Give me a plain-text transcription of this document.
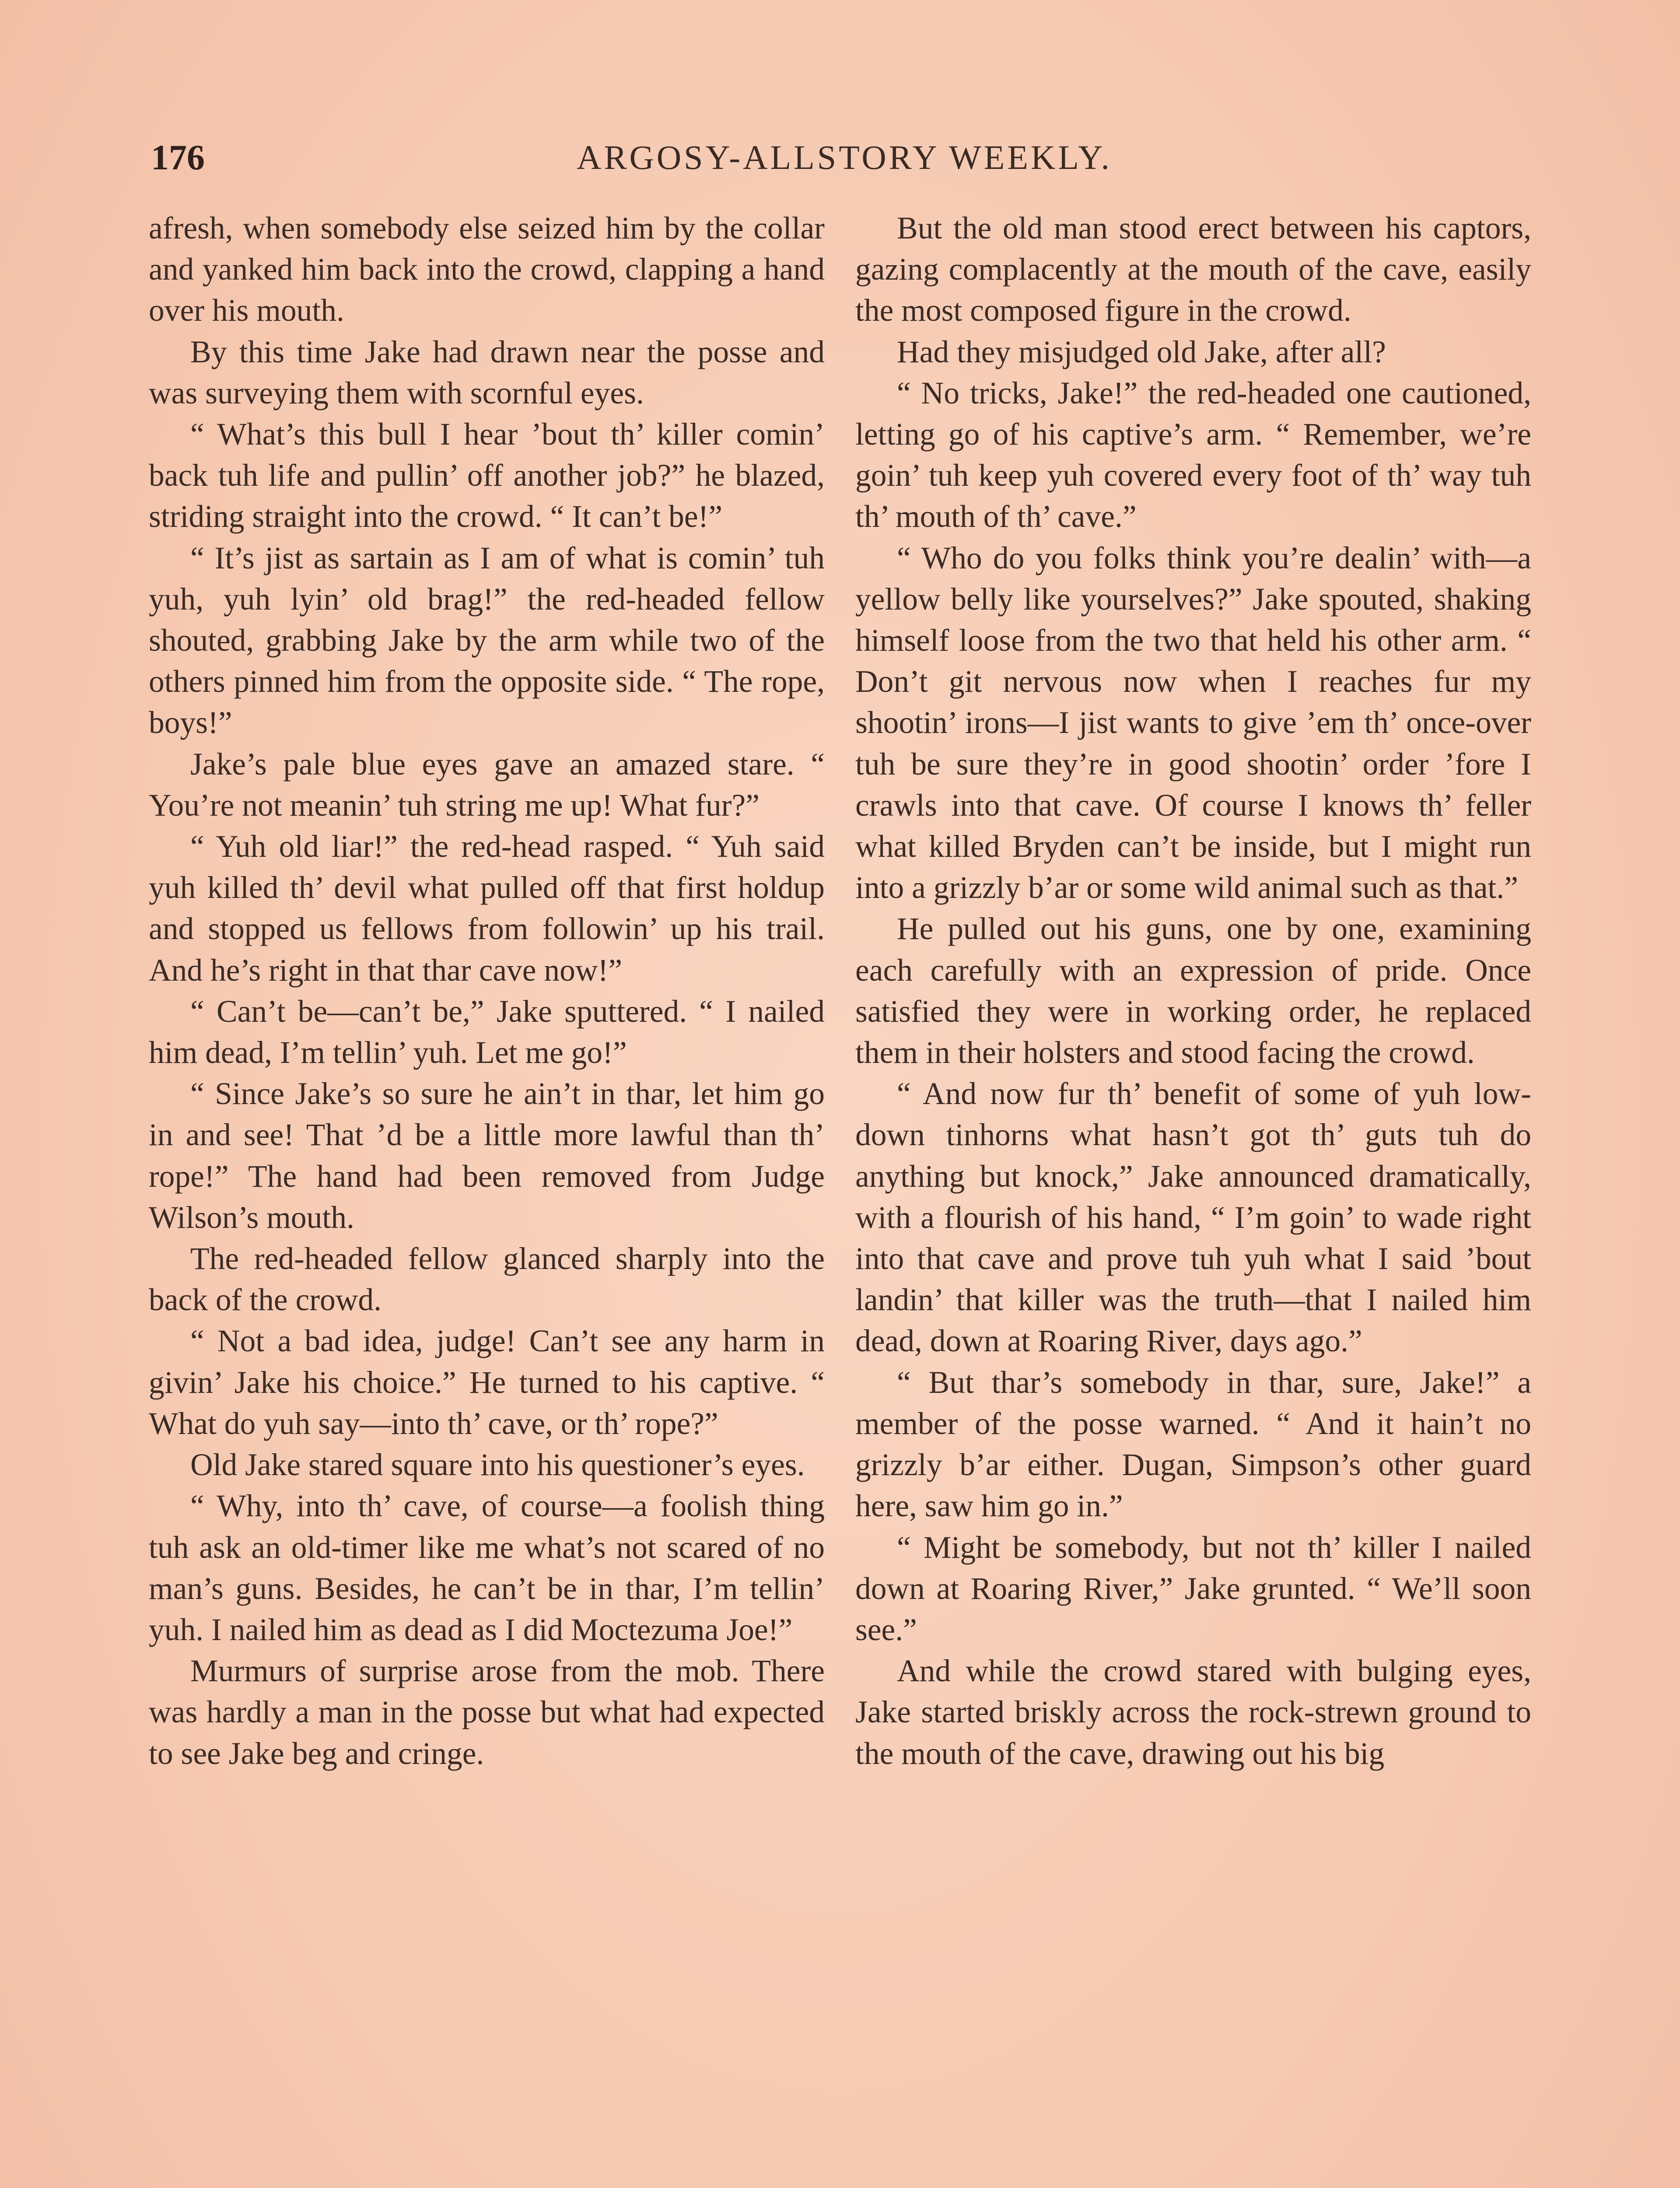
176	ARGOSY-ALLSTORY WEEKLY.

afresh, when somebody else seized him by the collar and yanked him back into the crowd, clapping a hand over his mouth.

By this time Jake had drawn near the posse and was surveying them with scornful eyes.

“ What’s this bull I hear ’bout th’ killer comin’ back tuh life and pullin’ off another job?” he blazed, striding straight into the crowd. “ It can’t be!”

“ It’s jist as sartain as I am of what is comin’ tuh yuh, yuh lyin’ old brag!” the red-headed fellow shouted, grabbing Jake by the arm while two of the others pinned him from the opposite side. “ The rope, boys!”

Jake’s pale blue eyes gave an amazed stare. “ You’re not meanin’ tuh string me up! What fur?”

“ Yuh old liar!” the red-head rasped. “ Yuh said yuh killed th’ devil what pulled off that first holdup and stopped us fellows from followin’ up his trail. And he’s right in that thar cave now!”

“ Can’t be—can’t be,” Jake sputtered. “ I nailed him dead, I’m tellin’ yuh. Let me go!”

“ Since Jake’s so sure he ain’t in thar, let him go in and see! That ’d be a little more lawful than th’ rope!” The hand had been removed from Judge Wilson’s mouth.

The red-headed fellow glanced sharply into the back of the crowd.

“ Not a bad idea, judge! Can’t see any harm in givin’ Jake his choice.” He turned to his captive. “ What do yuh say—into th’ cave, or th’ rope?”

Old Jake stared square into his questioner’s eyes.

“ Why, into th’ cave, of course—a foolish thing tuh ask an old-timer like me what’s not scared of no man’s guns. Besides, he can’t be in thar, I’m tellin’ yuh. I nailed him as dead as I did Moctezuma Joe!”

Murmurs of surprise arose from the mob. There was hardly a man in the posse but what had expected to see Jake beg and cringe.

But the old man stood erect between his captors, gazing complacently at the mouth of the cave, easily the most composed figure in the crowd.

Had they misjudged old Jake, after all?

“ No tricks, Jake!” the red-headed one cautioned, letting go of his captive’s arm. “ Remember, we’re goin’ tuh keep yuh covered every foot of th’ way tuh th’ mouth of th’ cave.”

“ Who do you folks think you’re dealin’ with—a yellow belly like yourselves?” Jake spouted, shaking himself loose from the two that held his other arm. “ Don’t git nervous now when I reaches fur my shootin’ irons—I jist wants to give ’em th’ once-over tuh be sure they’re in good shootin’ order ’fore I crawls into that cave. Of course I knows th’ feller what killed Bryden can’t be inside, but I might run into a grizzly b’ar or some wild animal such as that.”

He pulled out his guns, one by one, examining each carefully with an expression of pride. Once satisfied they were in working order, he replaced them in their holsters and stood facing the crowd.

“ And now fur th’ benefit of some of yuh low-down tinhorns what hasn’t got th’ guts tuh do anything but knock,” Jake announced dramatically, with a flourish of his hand, “ I’m goin’ to wade right into that cave and prove tuh yuh what I said ’bout landin’ that killer was the truth—that I nailed him dead, down at Roaring River, days ago.”

“ But thar’s somebody in thar, sure, Jake!” a member of the posse warned. “ And it hain’t no grizzly b’ar either. Dugan, Simpson’s other guard here, saw him go in.”

“ Might be somebody, but not th’ killer I nailed down at Roaring River,” Jake grunted. “ We’ll soon see.”

And while the crowd stared with bulging eyes, Jake started briskly across the rock-strewn ground to the mouth of the cave, drawing out his big
